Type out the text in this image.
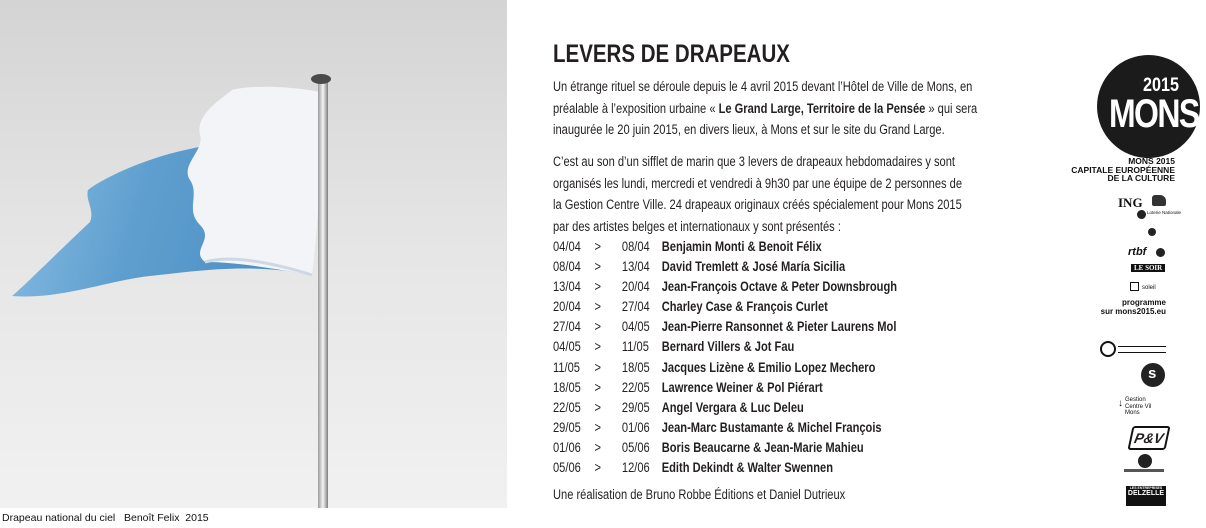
Drapeau national du ciel   Benoît Felix  2015
LEVERS DE DRAPEAUX
Un étrange rituel se déroule depuis le 4 avril 2015 devant l’Hôtel de Ville de Mons, en
préalable à l’exposition urbaine « Le Grand Large, Territoire de la Pensée » qui sera
inaugurée le 20 juin 2015, en divers lieux, à Mons et sur le site du Grand Large.
C’est au son d’un sifflet de marin que 3 levers de drapeaux hebdomadaires y sont
organisés les lundi, mercredi et vendredi à 9h30 par une équipe de 2 personnes de
la Gestion Centre Ville. 24 drapeaux originaux créés spécialement pour Mons 2015
par des artistes belges et internationaux y sont présentés :
04/04 > 08/04 Benjamin Monti & Benoit Félix
08/04 > 13/04 David Tremlett & José María Sicilia
13/04 > 20/04 Jean-François Octave & Peter Downsbrough
20/04 > 27/04 Charley Case & François Curlet
27/04 > 04/05 Jean-Pierre Ransonnet & Pieter Laurens Mol
04/05 > 11/05 Bernard Villers & Jot Fau
11/05 > 18/05 Jacques Lizène & Emilio Lopez Mechero
18/05 > 22/05 Lawrence Weiner & Pol Piérart
22/05 > 29/05 Angel Vergara & Luc Deleu
29/05 > 01/06 Jean-Marc Bustamante & Michel François
01/06 > 05/06 Boris Beaucarne & Jean-Marie Mahieu
05/06 > 12/06 Edith Dekindt & Walter Swennen
Une réalisation de Bruno Robbe Éditions et Daniel Dutrieux
2015
MONS
MONS 2015
CAPITALE EUROPÉENNE
DE LA CULTURE
ING
Loterie Nationale
rtbf
LE SOIR
soleil
programme
sur mons2015.eu
s
↓ Gestion
Centre Vil
Mons
P&V
LES ENTREPRISES
DELZELLE
